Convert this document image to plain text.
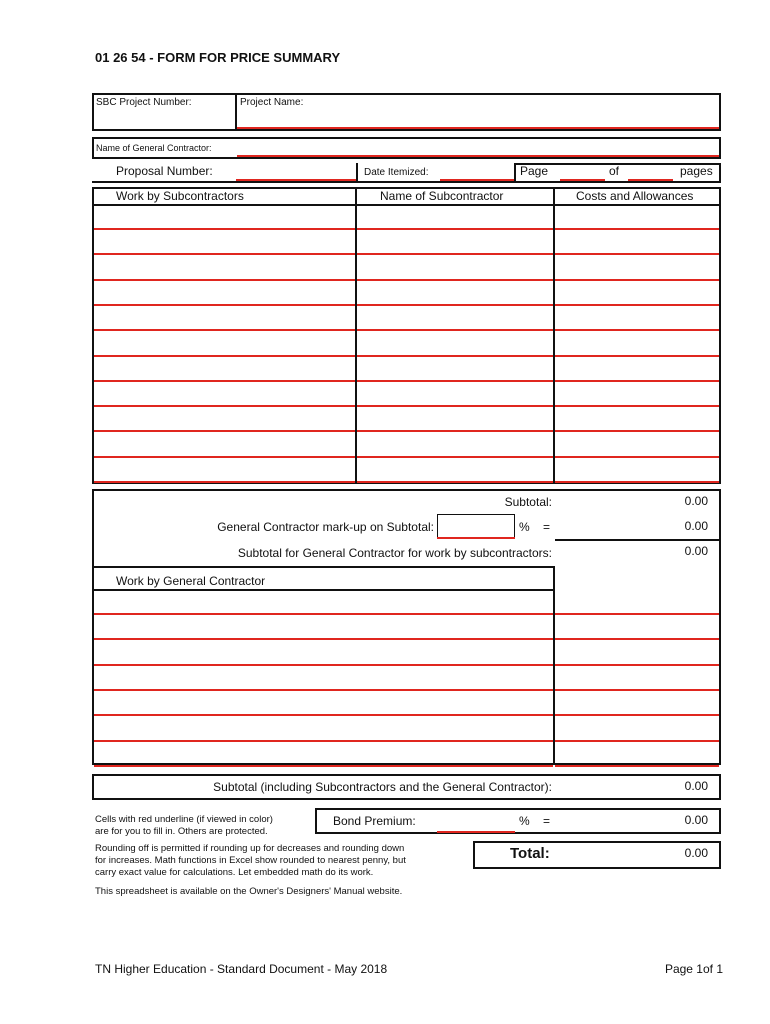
01 26 54 - FORM FOR PRICE SUMMARY
SBC Project Number:	Project Name:
Name of General Contractor:
Proposal Number:	Date Itemized:	Page	of	pages
Work by Subcontractors	Name of Subcontractor	Costs and Allowances
Subtotal:	0.00
General Contractor mark-up on Subtotal:	% =	0.00
Subtotal for General Contractor for work by subcontractors:	0.00
Work by General Contractor
Subtotal (including Subcontractors and the General Contractor):	0.00
Bond Premium:	% =	0.00
Total:	0.00
Cells with red underline (if viewed in color)
are for you to fill in. Others are protected.
Rounding off is permitted if rounding up for decreases and rounding down
for increases. Math functions in Excel show rounded to nearest penny, but
carry exact value for calculations. Let embedded math do its work.
This spreadsheet is available on the Owner's Designers' Manual website.
TN Higher Education - Standard Document - May 2018	Page 1of 1
